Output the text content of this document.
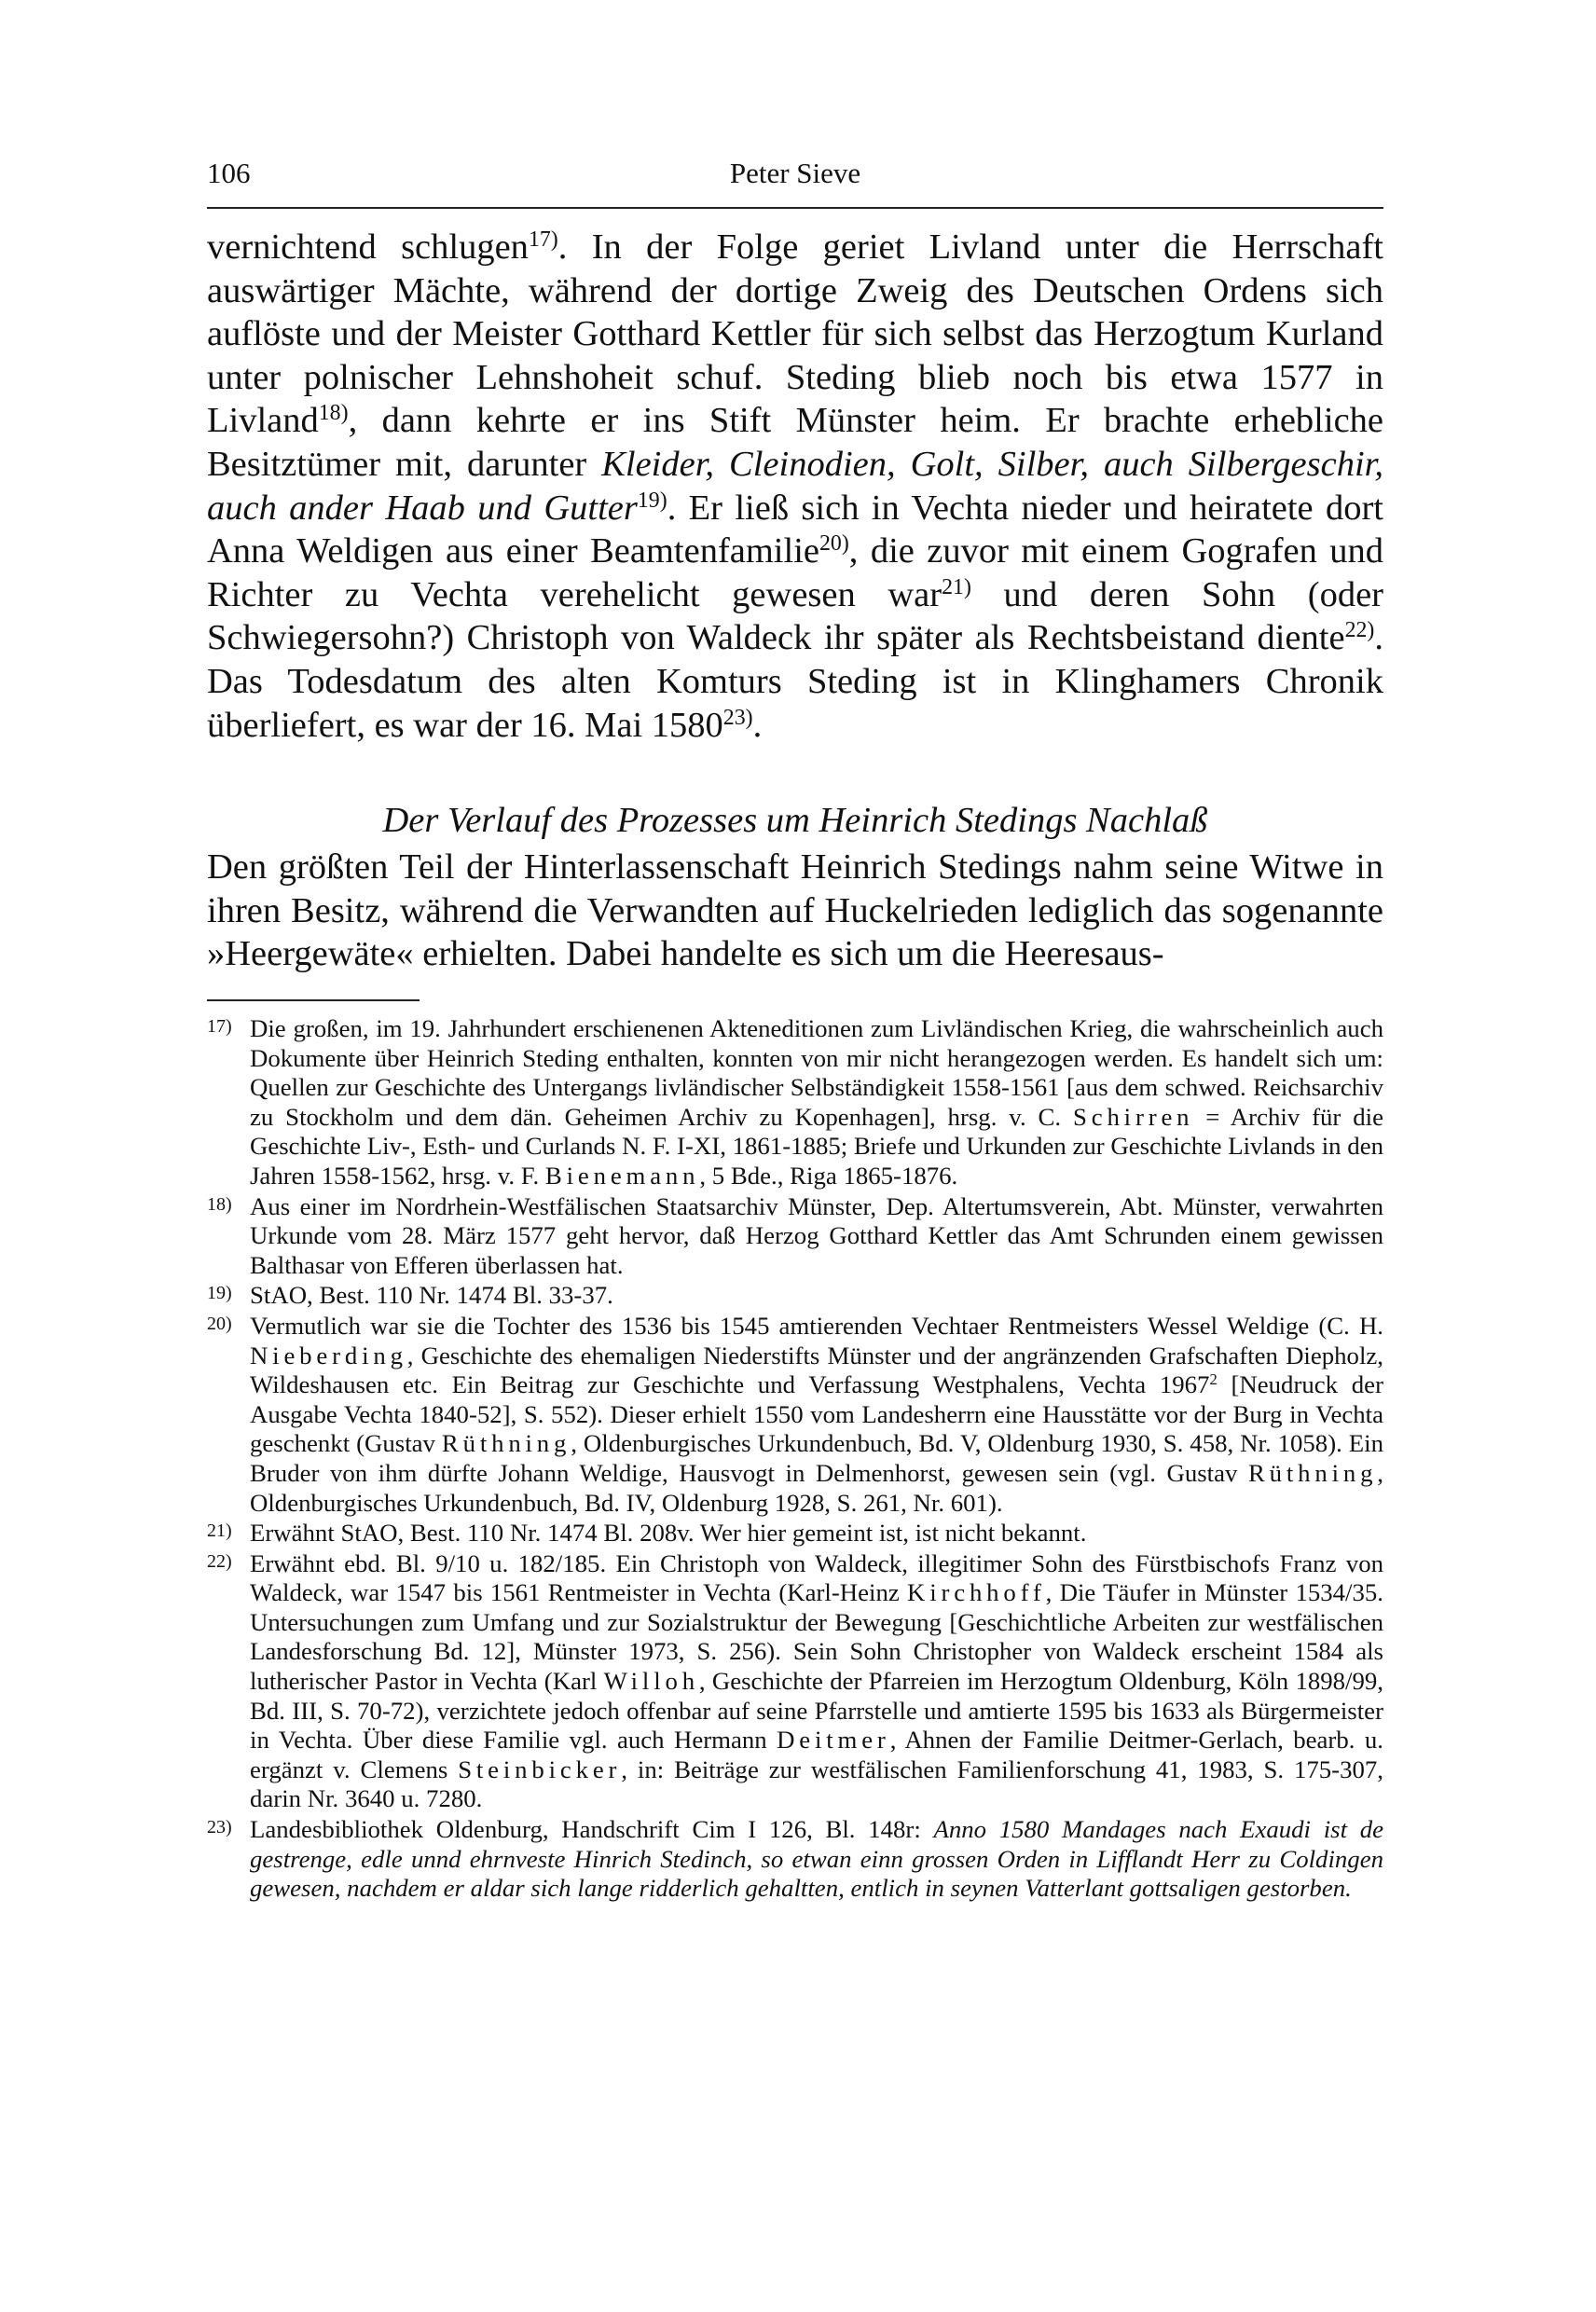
106	Peter Sieve

vernichtend schlugen$^{17)}$. In der Folge geriet Livland unter die Herrschaft auswärtiger Mächte, während der dortige Zweig des Deutschen Ordens sich auflöste und der Meister Gotthard Kettler für sich selbst das Herzogtum Kurland unter polnischer Lehnshoheit schuf. Steding blieb noch bis etwa 1577 in Livland$^{18)}$, dann kehrte er ins Stift Münster heim. Er brachte erhebliche Besitztümer mit, darunter Kleider, Cleinodien, Golt, Silber, auch Silbergeschir, auch ander Haab und Gutter$^{19)}$. Er ließ sich in Vechta nieder und heiratete dort Anna Weldigen aus einer Beamtenfamilie$^{20)}$, die zuvor mit einem Gografen und Richter zu Vechta verehelicht gewesen war$^{21)}$ und deren Sohn (oder Schwiegersohn?) Christoph von Waldeck ihr später als Rechtsbeistand diente$^{22)}$. Das Todesdatum des alten Komturs Steding ist in Klinghamers Chronik überliefert, es war der 16. Mai 1580$^{23)}$.

Der Verlauf des Prozesses um Heinrich Stedings Nachlaß

Den größten Teil der Hinterlassenschaft Heinrich Stedings nahm seine Witwe in ihren Besitz, während die Verwandten auf Huckelrieden lediglich das sogenannte »Heergewäte« erhielten. Dabei handelte es sich um die Heeresaus-

17) Die großen, im 19. Jahrhundert erschienenen Akteneditionen zum Livländischen Krieg, die wahrscheinlich auch Dokumente über Heinrich Steding enthalten, konnten von mir nicht herangezogen werden. Es handelt sich um: Quellen zur Geschichte des Untergangs livländischer Selbständigkeit 1558-1561 [aus dem schwed. Reichsarchiv zu Stockholm und dem dän. Geheimen Archiv zu Kopenhagen], hrsg. v. C. Schirren = Archiv für die Geschichte Liv-, Esth- und Curlands N. F. I-XI, 1861-1885; Briefe und Urkunden zur Geschichte Livlands in den Jahren 1558-1562, hrsg. v. F. Bienemann, 5 Bde., Riga 1865-1876.
18) Aus einer im Nordrhein-Westfälischen Staatsarchiv Münster, Dep. Altertumsverein, Abt. Münster, verwahrten Urkunde vom 28. März 1577 geht hervor, daß Herzog Gotthard Kettler das Amt Schrunden einem gewissen Balthasar von Efferen überlassen hat.
19) StAO, Best. 110 Nr. 1474 Bl. 33-37.
20) Vermutlich war sie die Tochter des 1536 bis 1545 amtierenden Vechtaer Rentmeisters Wessel Weldige (C. H. Nieberding, Geschichte des ehemaligen Niederstifts Münster und der angränzenden Grafschaften Diepholz, Wildeshausen etc. Ein Beitrag zur Geschichte und Verfassung Westphalens, Vechta 1967$^2$ [Neudruck der Ausgabe Vechta 1840-52], S. 552). Dieser erhielt 1550 vom Landesherrn eine Hausstätte vor der Burg in Vechta geschenkt (Gustav Rüthning, Oldenburgisches Urkundenbuch, Bd. V, Oldenburg 1930, S. 458, Nr. 1058). Ein Bruder von ihm dürfte Johann Weldige, Hausvogt in Delmenhorst, gewesen sein (vgl. Gustav Rüthning, Oldenburgisches Urkundenbuch, Bd. IV, Oldenburg 1928, S. 261, Nr. 601).
21) Erwähnt StAO, Best. 110 Nr. 1474 Bl. 208v. Wer hier gemeint ist, ist nicht bekannt.
22) Erwähnt ebd. Bl. 9/10 u. 182/185. Ein Christoph von Waldeck, illegitimer Sohn des Fürstbischofs Franz von Waldeck, war 1547 bis 1561 Rentmeister in Vechta (Karl-Heinz Kirchhoff, Die Täufer in Münster 1534/35. Untersuchungen zum Umfang und zur Sozialstruktur der Bewegung [Geschichtliche Arbeiten zur westfälischen Landesforschung Bd. 12], Münster 1973, S. 256). Sein Sohn Christopher von Waldeck erscheint 1584 als lutherischer Pastor in Vechta (Karl Willoh, Geschichte der Pfarreien im Herzogtum Oldenburg, Köln 1898/99, Bd. III, S. 70-72), verzichtete jedoch offenbar auf seine Pfarrstelle und amtierte 1595 bis 1633 als Bürgermeister in Vechta. Über diese Familie vgl. auch Hermann Deitmer, Ahnen der Familie Deitmer-Gerlach, bearb. u. ergänzt v. Clemens Steinbicker, in: Beiträge zur westfälischen Familienforschung 41, 1983, S. 175-307, darin Nr. 3640 u. 7280.
23) Landesbibliothek Oldenburg, Handschrift Cim I 126, Bl. 148r: Anno 1580 Mandages nach Exaudi ist de gestrenge, edle unnd ehrnveste Hinrich Stedinch, so etwan einn grossen Orden in Lifflandt Herr zu Coldingen gewesen, nachdem er aldar sich lange ridderlich gehaltten, entlich in seynen Vatterlant gottsaligen gestorben.
